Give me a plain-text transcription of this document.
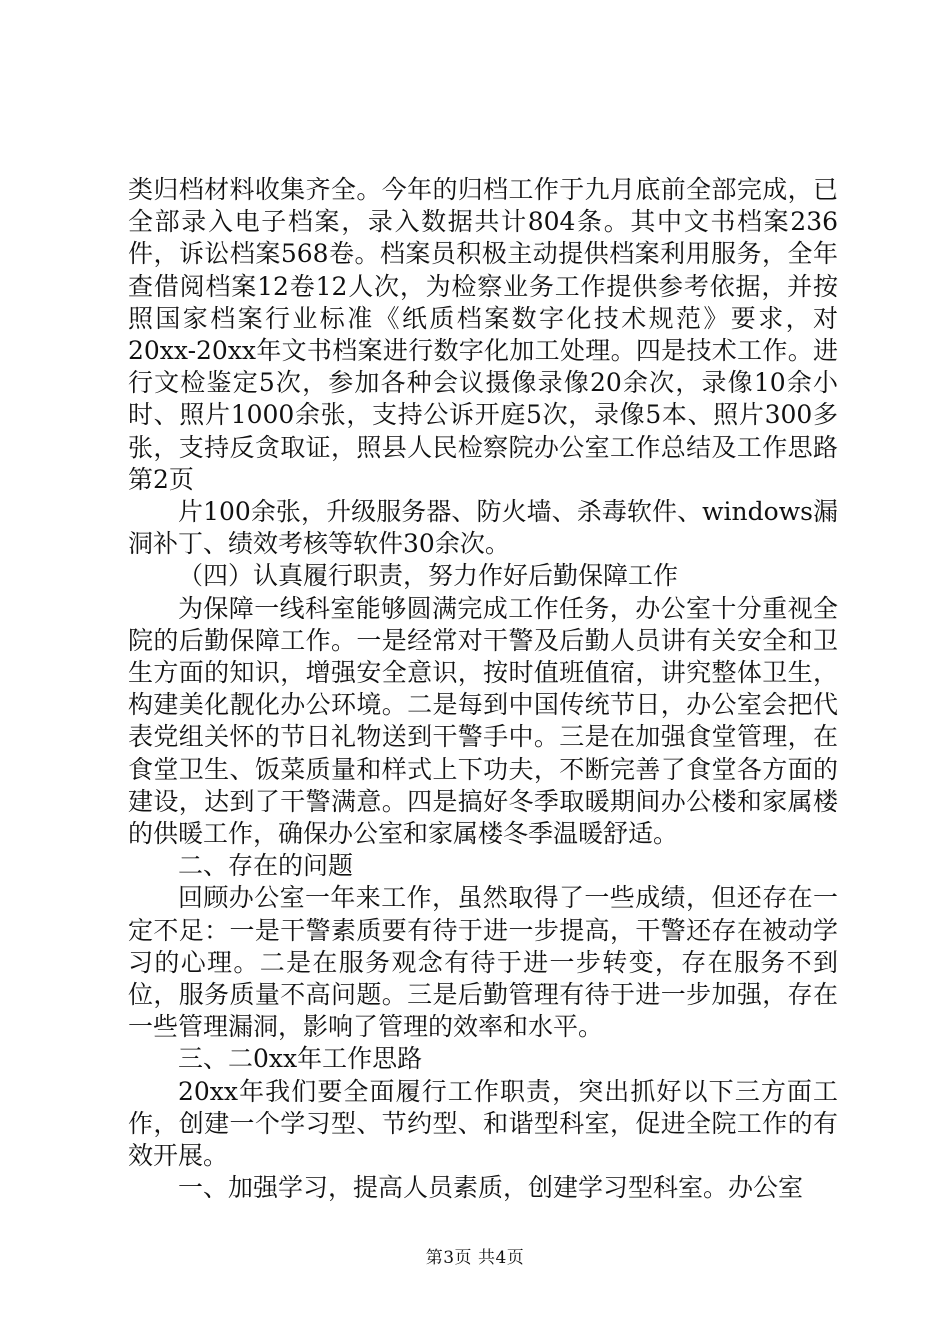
类归档材料收集齐全。今年的归档工作于九月底前全部完成，已全部录入电子档案，录入数据共计804条。其中文书档案236件，诉讼档案568卷。档案员积极主动提供档案利用服务，全年查借阅档案12卷12人次，为检察业务工作提供参考依据，并按照国家档案行业标准《纸质档案数字化技术规范》要求，对20xx-20xx年文书档案进行数字化加工处理。四是技术工作。进行文检鉴定5次，参加各种会议摄像录像20余次，录像10余小时、照片1000余张，支持公诉开庭5次，录像5本、照片300多张，支持反贪取证，照县人民检察院办公室工作总结及工作思路第2页

片100余张，升级服务器、防火墙、杀毒软件、windows漏洞补丁、绩效考核等软件30余次。

（四）认真履行职责，努力作好后勤保障工作

为保障一线科室能够圆满完成工作任务，办公室十分重视全院的后勤保障工作。一是经常对干警及后勤人员讲有关安全和卫生方面的知识，增强安全意识，按时值班值宿，讲究整体卫生，构建美化靓化办公环境。二是每到中国传统节日，办公室会把代表党组关怀的节日礼物送到干警手中。三是在加强食堂管理，在食堂卫生、饭菜质量和样式上下功夫，不断完善了食堂各方面的建设，达到了干警满意。四是搞好冬季取暖期间办公楼和家属楼的供暖工作，确保办公室和家属楼冬季温暖舒适。

二、存在的问题

回顾办公室一年来工作，虽然取得了一些成绩，但还存在一定不足：一是干警素质要有待于进一步提高，干警还存在被动学习的心理。二是在服务观念有待于进一步转变，存在服务不到位，服务质量不高问题。三是后勤管理有待于进一步加强，存在一些管理漏洞，影响了管理的效率和水平。

三、二0xx年工作思路

20xx年我们要全面履行工作职责，突出抓好以下三方面工作，创建一个学习型、节约型、和谐型科室，促进全院工作的有效开展。

一、加强学习，提高人员素质，创建学习型科室。办公室

第3页 共4页
